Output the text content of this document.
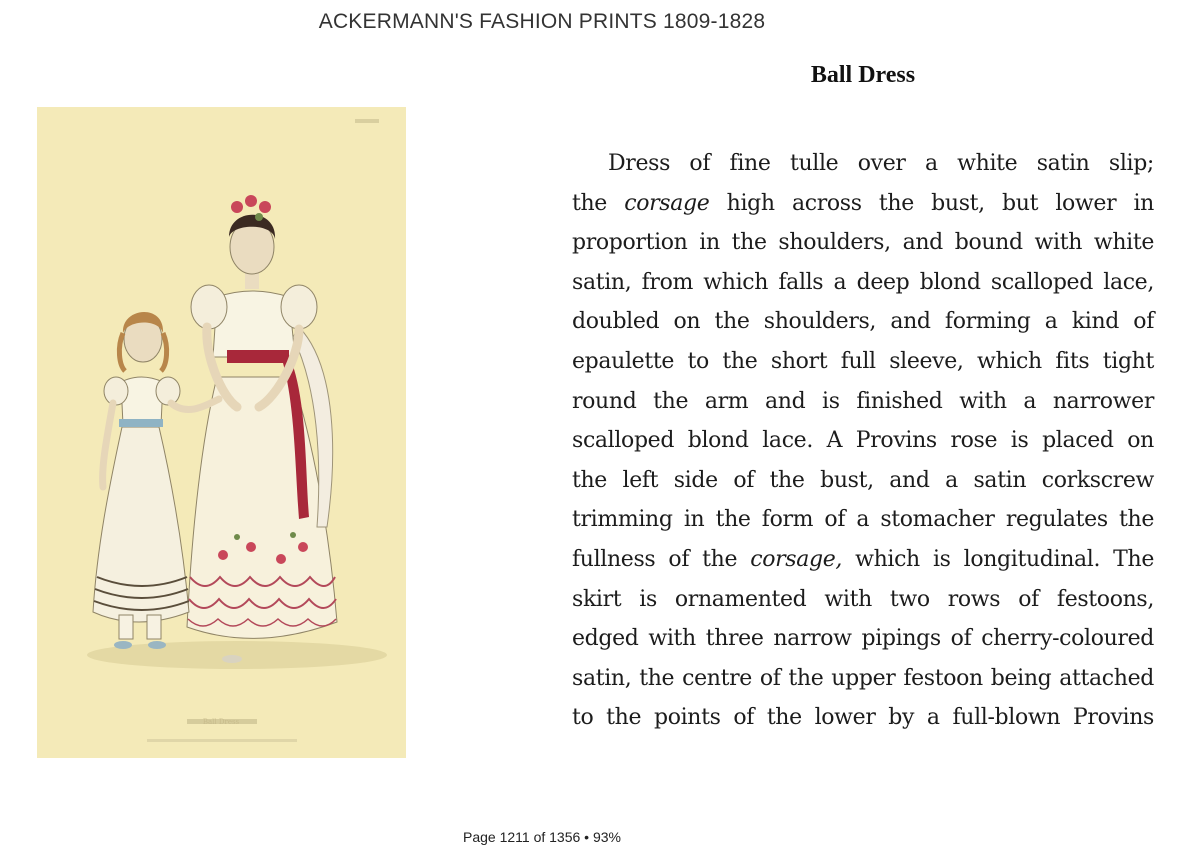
ACKERMANN'S FASHION PRINTS 1809-1828
Ball Dress
Ball Dress
Dress of fine tulle over a white satin slip;
the corsage high across the bust, but lower in
proportion in the shoulders, and bound with white
satin, from which falls a deep blond scalloped lace,
doubled on the shoulders, and forming a kind of
epaulette to the short full sleeve, which fits tight
round the arm and is finished with a narrower
scalloped blond lace. A Provins rose is placed on
the left side of the bust, and a satin corkscrew
trimming in the form of a stomacher regulates the
fullness of the corsage, which is longitudinal. The
skirt is ornamented with two rows of festoons,
edged with three narrow pipings of cherry-coloured
satin, the centre of the upper festoon being attached
to the points of the lower by a full-blown Provins
Page 1211 of 1356 • 93%
